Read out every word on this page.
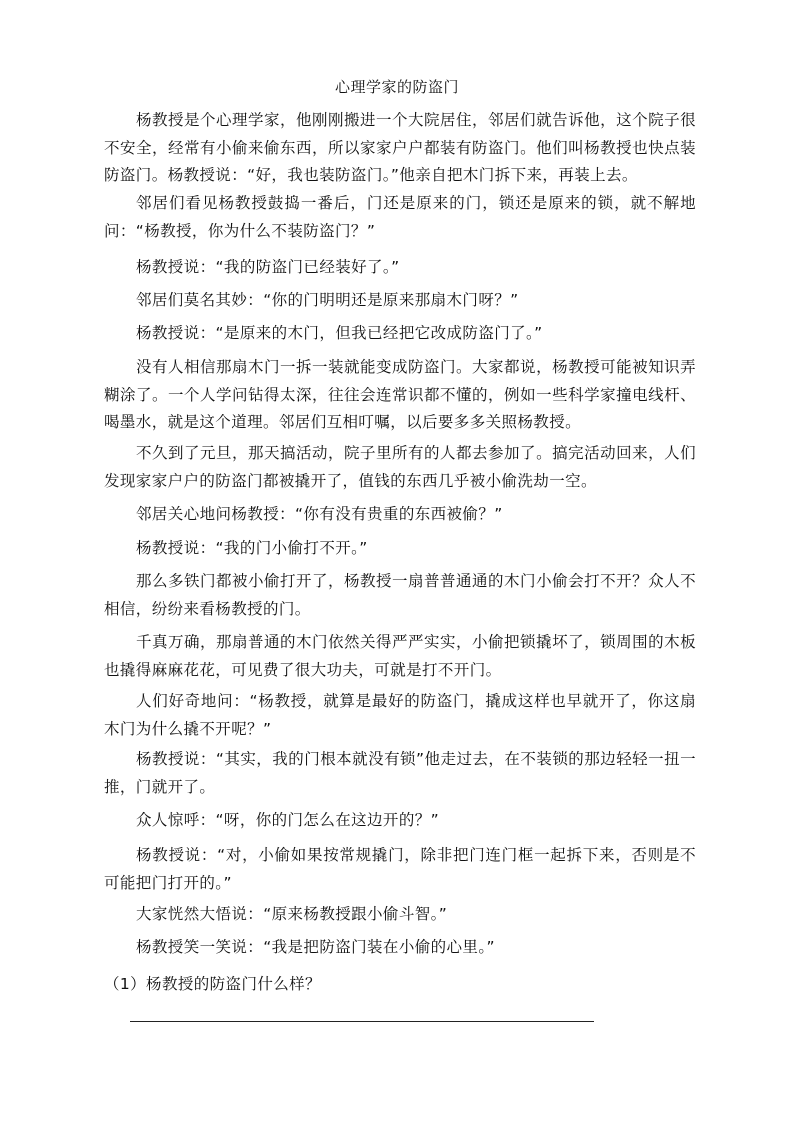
心理学家的防盗门

杨教授是个心理学家，他刚刚搬进一个大院居住，邻居们就告诉他，这个院子很不安全，经常有小偷来偷东西，所以家家户户都装有防盗门。他们叫杨教授也快点装防盗门。杨教授说：“好，我也装防盗门。”他亲自把木门拆下来，再装上去。

邻居们看见杨教授鼓捣一番后，门还是原来的门，锁还是原来的锁，就不解地问：“杨教授，你为什么不装防盗门？”

杨教授说：“我的防盗门已经装好了。”

邻居们莫名其妙：“你的门明明还是原来那扇木门呀？”

杨教授说：“是原来的木门，但我已经把它改成防盗门了。”

没有人相信那扇木门一拆一装就能变成防盗门。大家都说，杨教授可能被知识弄糊涂了。一个人学问钻得太深，往往会连常识都不懂的，例如一些科学家撞电线杆、喝墨水，就是这个道理。邻居们互相叮嘱，以后要多多关照杨教授。

不久到了元旦，那天搞活动，院子里所有的人都去参加了。搞完活动回来，人们发现家家户户的防盗门都被撬开了，值钱的东西几乎被小偷洗劫一空。

邻居关心地问杨教授：“你有没有贵重的东西被偷？”

杨教授说：“我的门小偷打不开。”

那么多铁门都被小偷打开了，杨教授一扇普普通通的木门小偷会打不开？众人不相信，纷纷来看杨教授的门。

千真万确，那扇普通的木门依然关得严严实实，小偷把锁撬坏了，锁周围的木板也撬得麻麻花花，可见费了很大功夫，可就是打不开门。

人们好奇地问：“杨教授，就算是最好的防盗门，撬成这样也早就开了，你这扇木门为什么撬不开呢？”

杨教授说：“其实，我的门根本就没有锁”他走过去，在不装锁的那边轻轻一扭一推，门就开了。

众人惊呼：“呀，你的门怎么在这边开的？”

杨教授说：“对，小偷如果按常规撬门，除非把门连门框一起拆下来，否则是不可能把门打开的。”

大家恍然大悟说：“原来杨教授跟小偷斗智。”

杨教授笑一笑说：“我是把防盗门装在小偷的心里。”

（1）杨教授的防盗门什么样？
